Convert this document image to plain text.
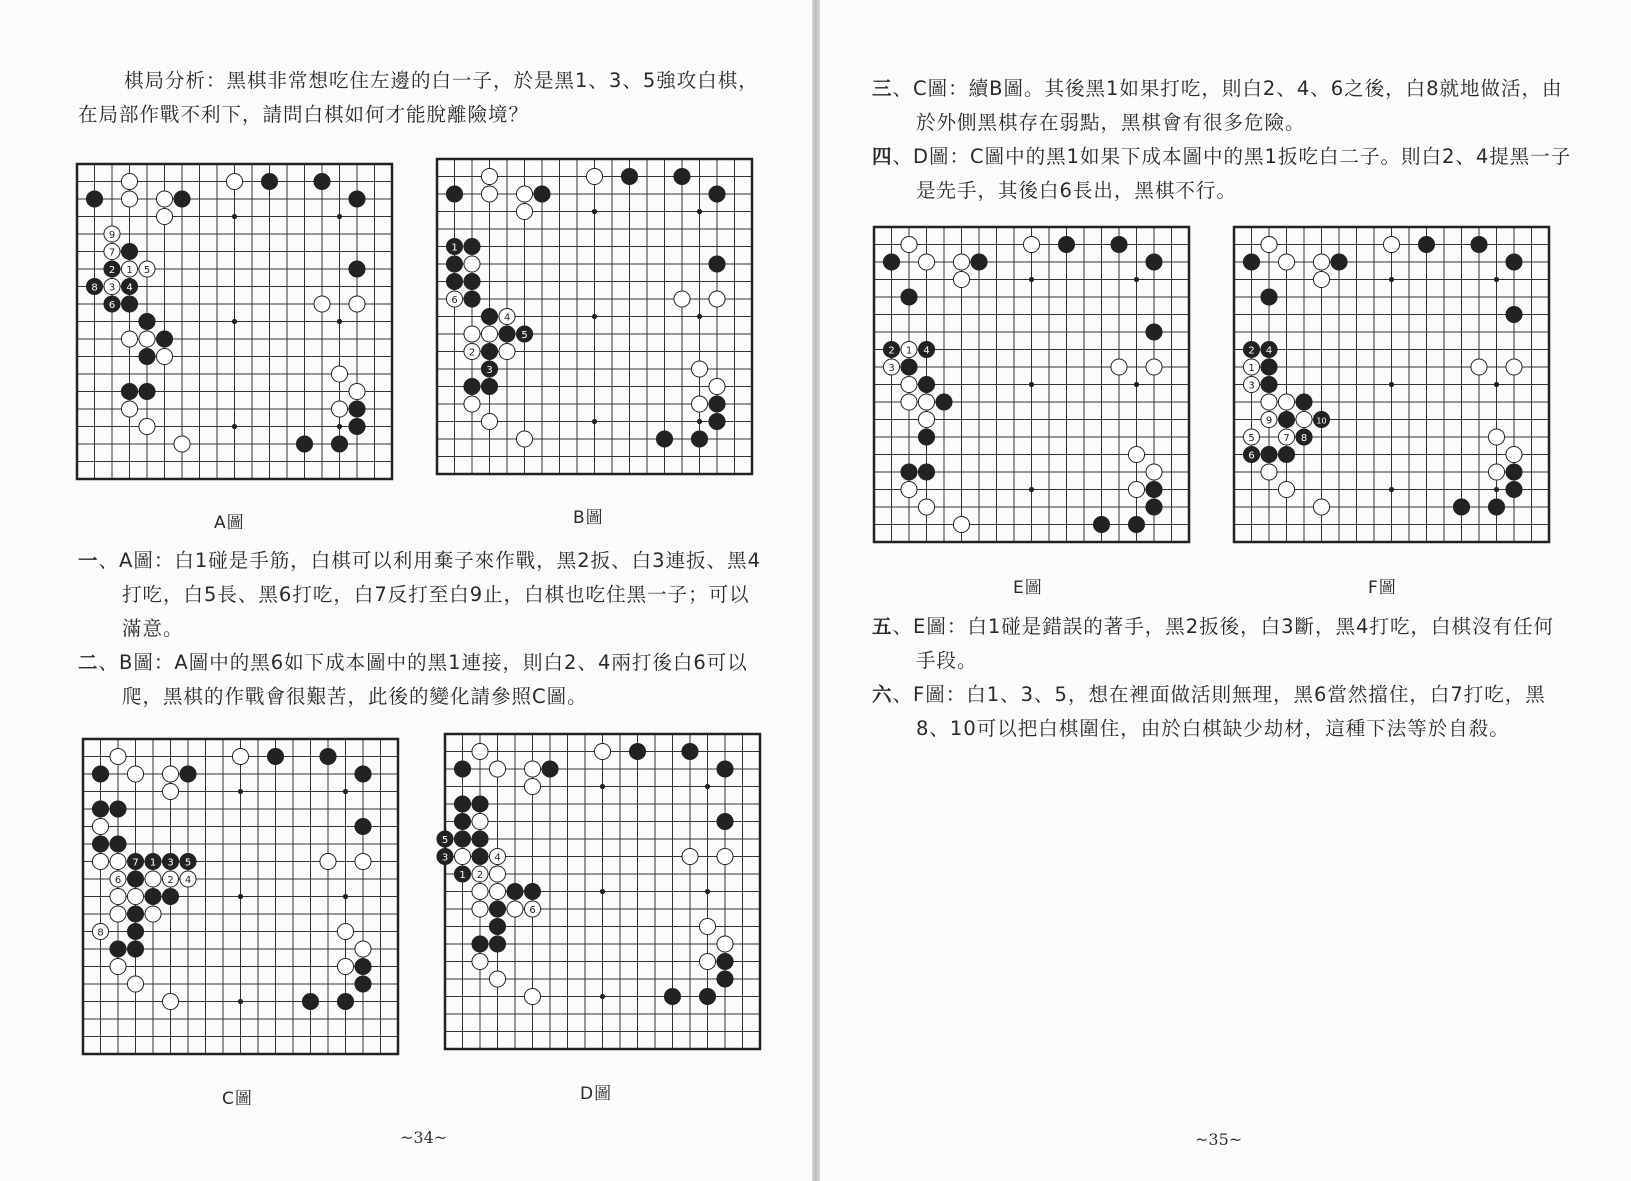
棋局分析：黑棋非常想吃住左邊的白一子，於是黑1、3、5強攻白棋，在局部作戰不利下，請問白棋如何才能脫離險境？

9
7
2 1 5
8 3 4
6
1
6
4
5
2
3
A圖	B圖

一、A圖：白1碰是手筋，白棋可以利用棄子來作戰，黑2扳、白3連扳、黑4打吃，白5長、黑6打吃，白7反打至白9止，白棋也吃住黑一子；可以滿意。

二、B圖：A圖中的黑6如下成本圖中的黑1連接，則白2、4兩打後白6可以爬，黑棋的作戰會很艱苦，此後的變化請參照C圖。

7 1 3 5
6	2 4
8
5
3	4
1 2
6
C圖	D圖
~34~

三、C圖：續B圖。其後黑1如果打吃，則白2、4、6之後，白8就地做活，由於外側黑棋存在弱點，黑棋會有很多危險。

四、D圖：C圖中的黑1如果下成本圖中的黑1扳吃白二子。則白2、4提黑一子是先手，其後白6長出，黑棋不行。

2 1 4
3
2 4
1
3
9	10
5	7 8
6
E圖	F圖

五、E圖：白1碰是錯誤的著手，黑2扳後，白3斷，黑4打吃，白棋沒有任何手段。

六、F圖：白1、3、5，想在裡面做活則無理，黑6當然擋住，白7打吃，黑8、10可以把白棋圍住，由於白棋缺少劫材，這種下法等於自殺。

~35~
